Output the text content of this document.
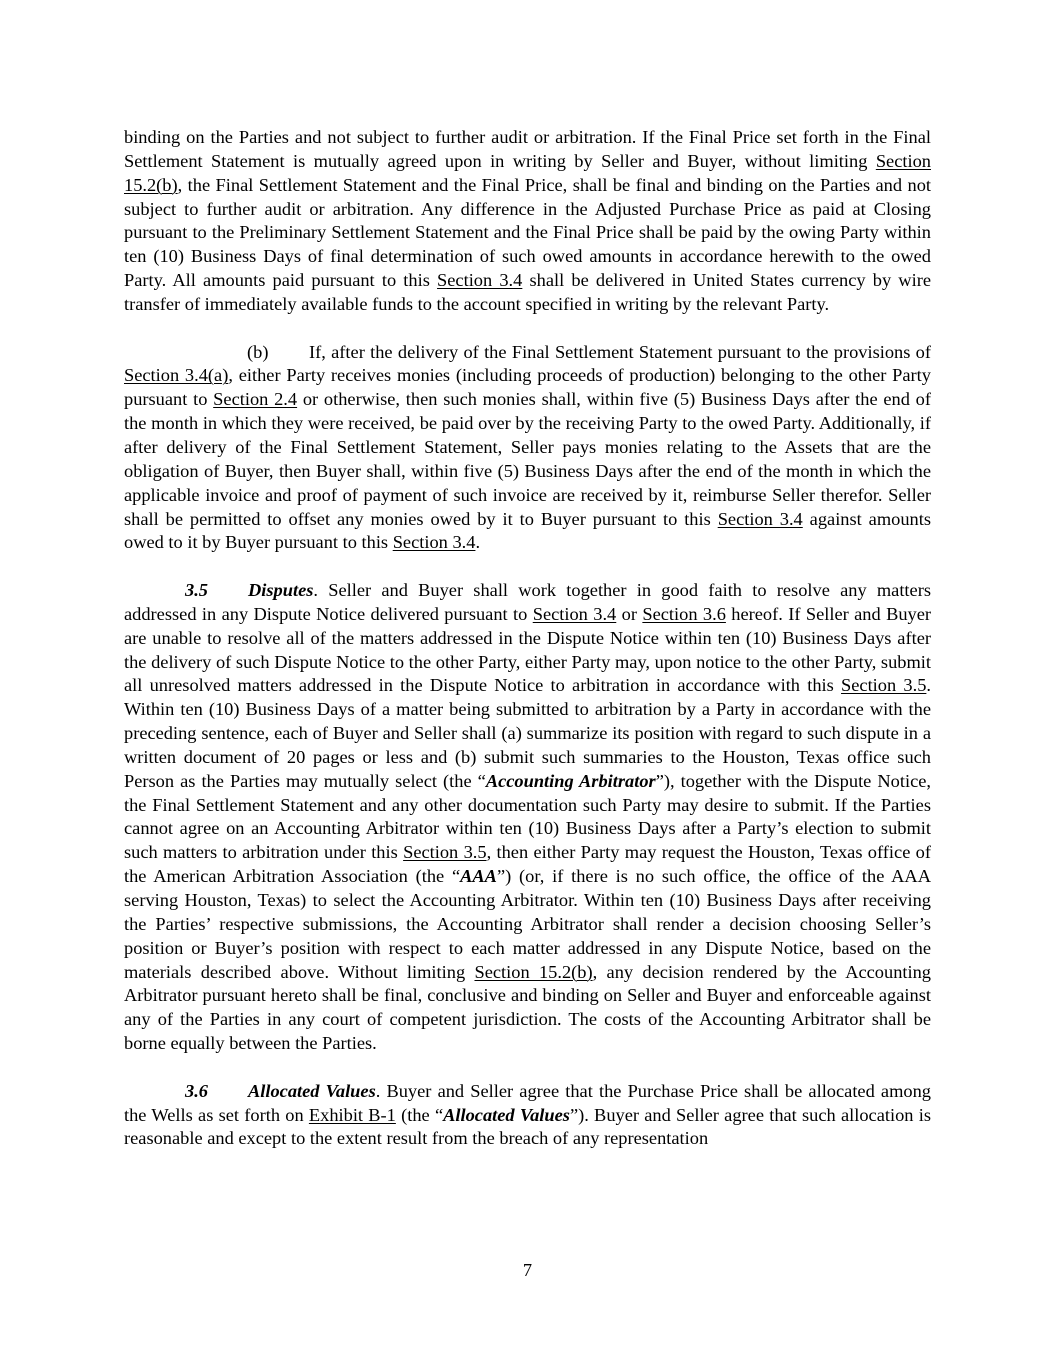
binding on the Parties and not subject to further audit or arbitration. If the Final Price set forth in the Final Settlement Statement is mutually agreed upon in writing by Seller and Buyer, without limiting Section 15.2(b), the Final Settlement Statement and the Final Price, shall be final and binding on the Parties and not subject to further audit or arbitration. Any difference in the Adjusted Purchase Price as paid at Closing pursuant to the Preliminary Settlement Statement and the Final Price shall be paid by the owing Party within ten (10) Business Days of final determination of such owed amounts in accordance herewith to the owed Party. All amounts paid pursuant to this Section 3.4 shall be delivered in United States currency by wire transfer of immediately available funds to the account specified in writing by the relevant Party.

(b) If, after the delivery of the Final Settlement Statement pursuant to the provisions of Section 3.4(a), either Party receives monies (including proceeds of production) belonging to the other Party pursuant to Section 2.4 or otherwise, then such monies shall, within five (5) Business Days after the end of the month in which they were received, be paid over by the receiving Party to the owed Party. Additionally, if after delivery of the Final Settlement Statement, Seller pays monies relating to the Assets that are the obligation of Buyer, then Buyer shall, within five (5) Business Days after the end of the month in which the applicable invoice and proof of payment of such invoice are received by it, reimburse Seller therefor. Seller shall be permitted to offset any monies owed by it to Buyer pursuant to this Section 3.4 against amounts owed to it by Buyer pursuant to this Section 3.4.

3.5 Disputes. Seller and Buyer shall work together in good faith to resolve any matters addressed in any Dispute Notice delivered pursuant to Section 3.4 or Section 3.6 hereof. If Seller and Buyer are unable to resolve all of the matters addressed in the Dispute Notice within ten (10) Business Days after the delivery of such Dispute Notice to the other Party, either Party may, upon notice to the other Party, submit all unresolved matters addressed in the Dispute Notice to arbitration in accordance with this Section 3.5. Within ten (10) Business Days of a matter being submitted to arbitration by a Party in accordance with the preceding sentence, each of Buyer and Seller shall (a) summarize its position with regard to such dispute in a written document of 20 pages or less and (b) submit such summaries to the Houston, Texas office such Person as the Parties may mutually select (the “Accounting Arbitrator”), together with the Dispute Notice, the Final Settlement Statement and any other documentation such Party may desire to submit. If the Parties cannot agree on an Accounting Arbitrator within ten (10) Business Days after a Party’s election to submit such matters to arbitration under this Section 3.5, then either Party may request the Houston, Texas office of the American Arbitration Association (the “AAA”) (or, if there is no such office, the office of the AAA serving Houston, Texas) to select the Accounting Arbitrator. Within ten (10) Business Days after receiving the Parties’ respective submissions, the Accounting Arbitrator shall render a decision choosing Seller’s position or Buyer’s position with respect to each matter addressed in any Dispute Notice, based on the materials described above. Without limiting Section 15.2(b), any decision rendered by the Accounting Arbitrator pursuant hereto shall be final, conclusive and binding on Seller and Buyer and enforceable against any of the Parties in any court of competent jurisdiction. The costs of the Accounting Arbitrator shall be borne equally between the Parties.

3.6 Allocated Values. Buyer and Seller agree that the Purchase Price shall be allocated among the Wells as set forth on Exhibit B-1 (the “Allocated Values”). Buyer and Seller agree that such allocation is reasonable and except to the extent result from the breach of any representation

7
